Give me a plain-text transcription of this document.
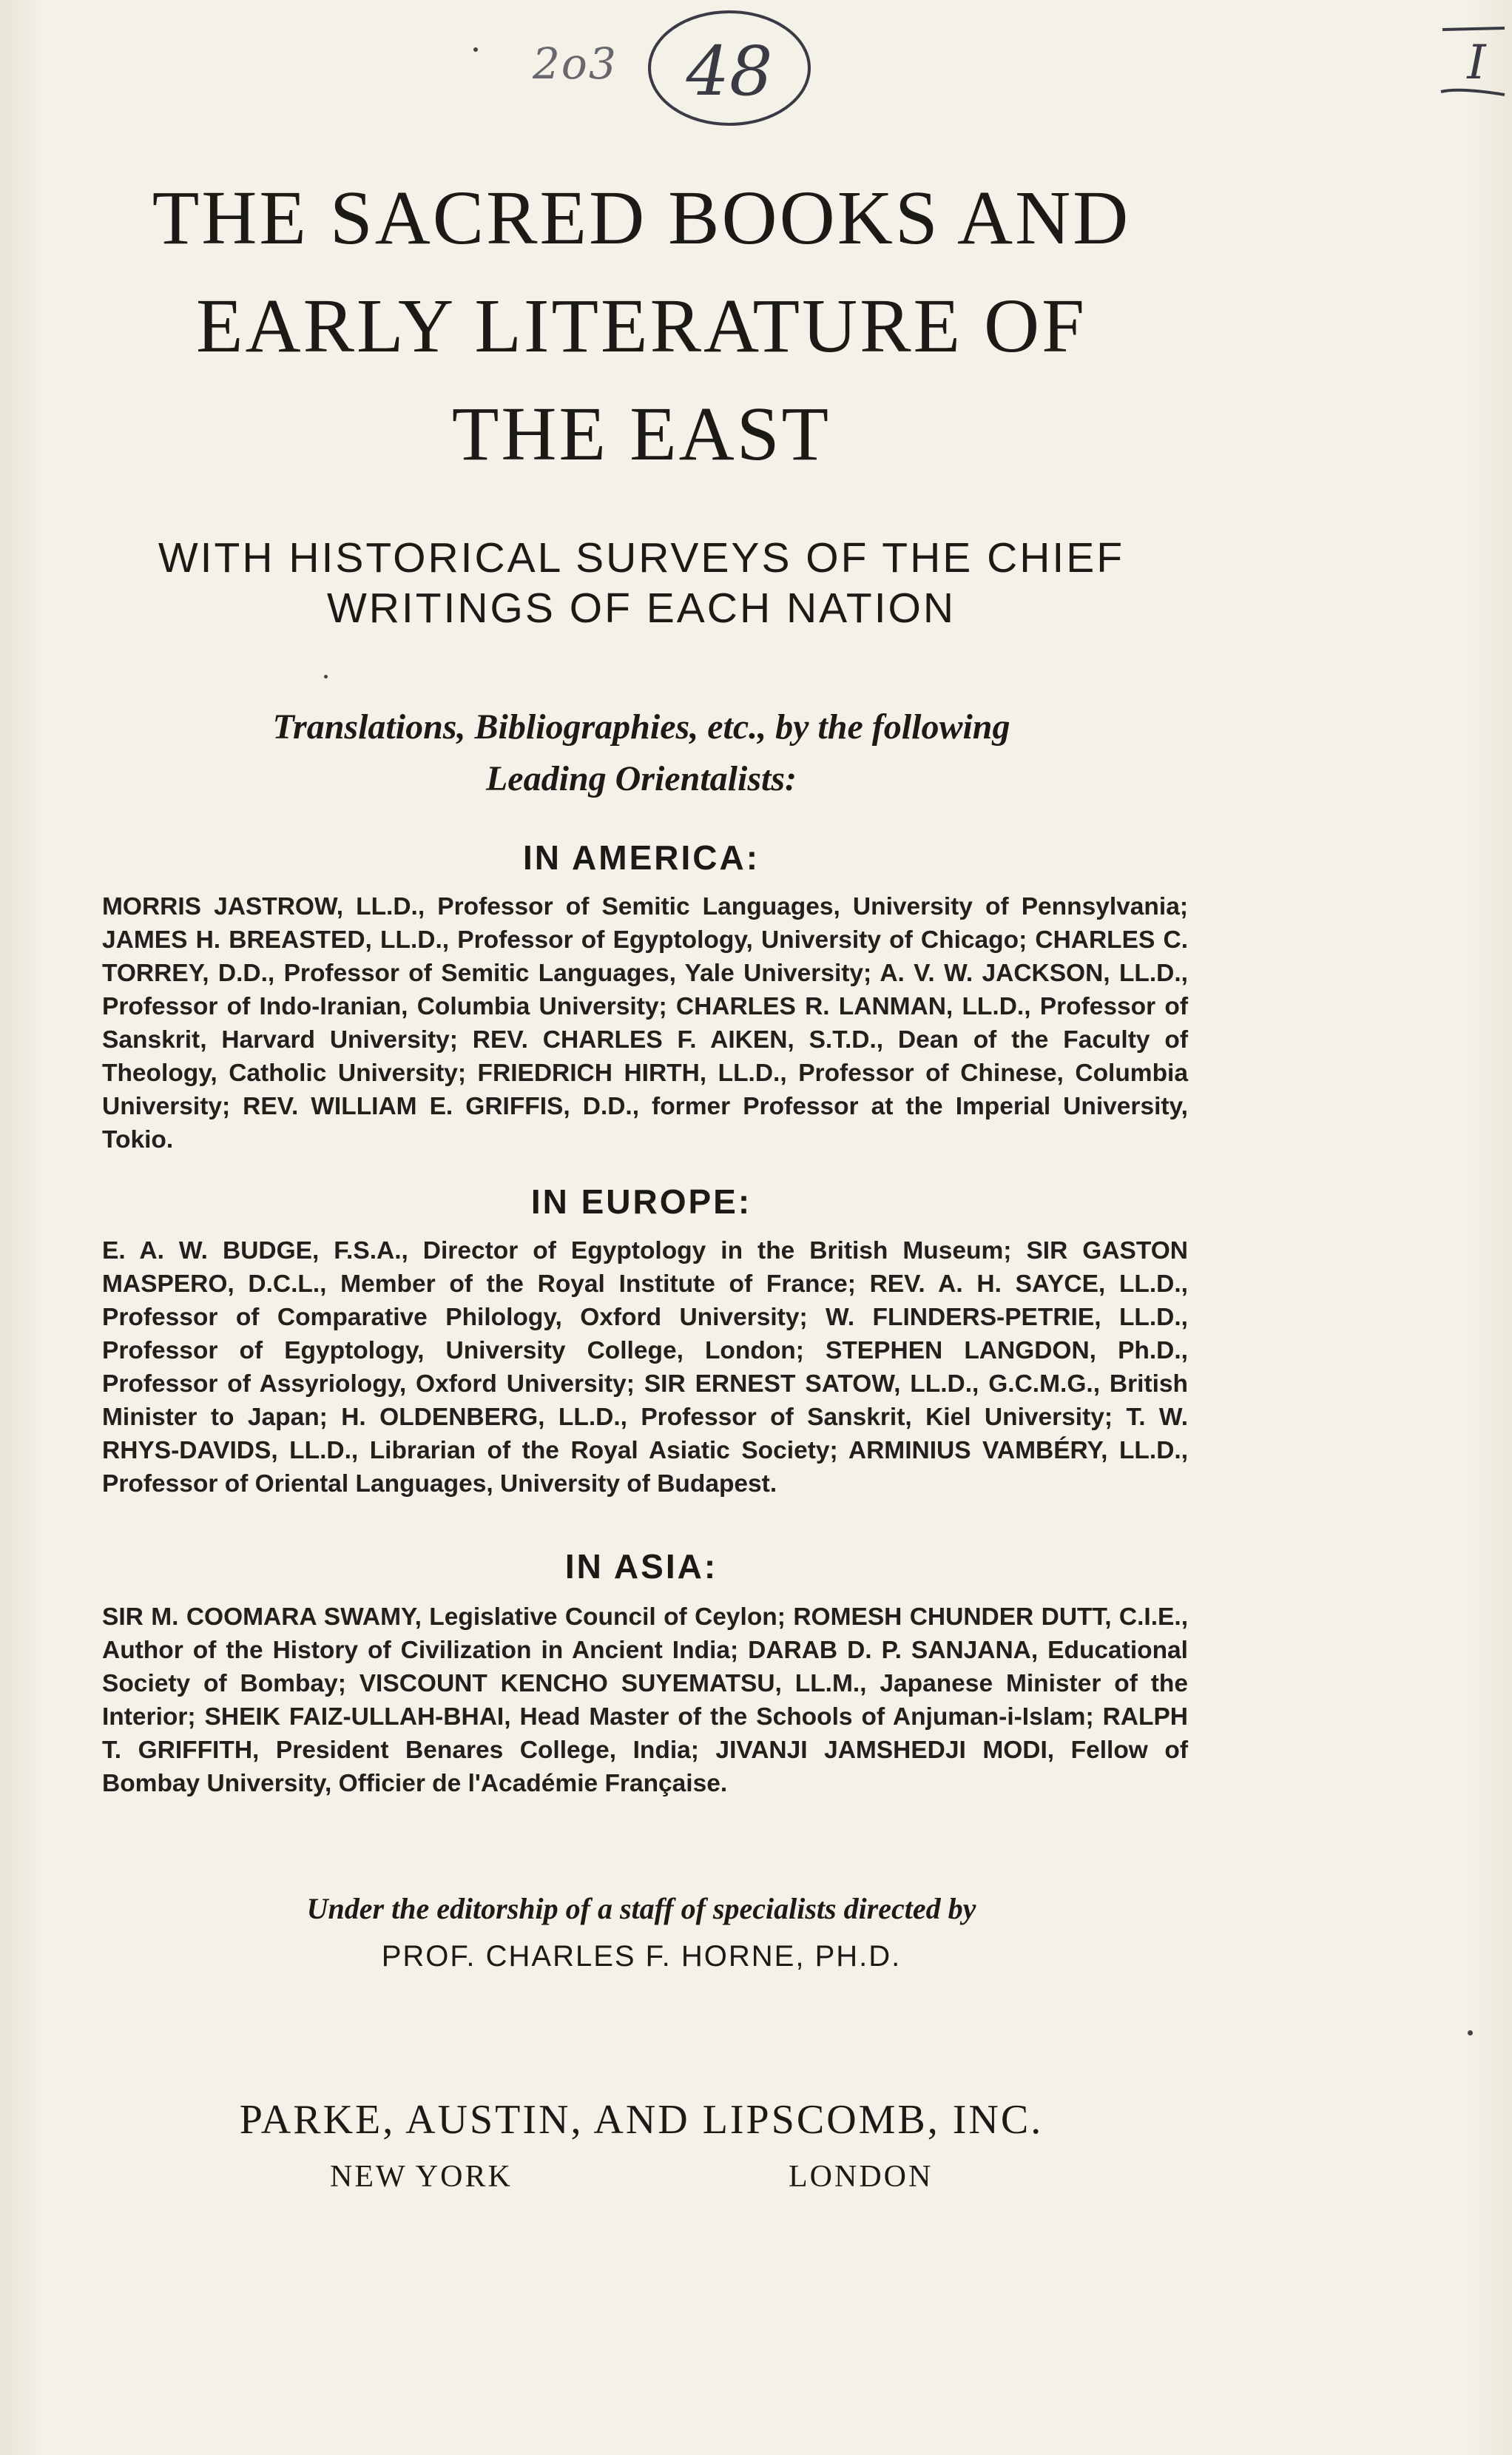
2o3 48	I
THE SACRED BOOKS AND
EARLY LITERATURE OF
THE EAST
WITH HISTORICAL SURVEYS OF THE CHIEF
WRITINGS OF EACH NATION
Translations, Bibliographies, etc., by the following
Leading Orientalists:
IN AMERICA:
MORRIS JASTROW, LL.D., Professor of Semitic Languages, University of Pennsylvania; JAMES H. BREASTED, LL.D., Professor of Egyptology, University of Chicago; CHARLES C. TORREY, D.D., Professor of Semitic Languages, Yale University; A. V. W. JACKSON, LL.D., Professor of Indo-Iranian, Columbia University; CHARLES R. LANMAN, LL.D., Professor of Sanskrit, Harvard University; REV. CHARLES F. AIKEN, S.T.D., Dean of the Faculty of Theology, Catholic University; FRIEDRICH HIRTH, LL.D., Professor of Chinese, Columbia University; REV. WILLIAM E. GRIFFIS, D.D., former Professor at the Imperial University, Tokio.
IN EUROPE:
E. A. W. BUDGE, F.S.A., Director of Egyptology in the British Museum; SIR GASTON MASPERO, D.C.L., Member of the Royal Institute of France; REV. A. H. SAYCE, LL.D., Professor of Comparative Philology, Oxford University; W. FLINDERS-PETRIE, LL.D., Professor of Egyptology, University College, London; STEPHEN LANGDON, Ph.D., Professor of Assyriology, Oxford University; SIR ERNEST SATOW, LL.D., G.C.M.G., British Minister to Japan; H. OLDENBERG, LL.D., Professor of Sanskrit, Kiel University; T. W. RHYS-DAVIDS, LL.D., Librarian of the Royal Asiatic Society; ARMINIUS VAMBÉRY, LL.D., Professor of Oriental Languages, University of Budapest.
IN ASIA:
SIR M. COOMARA SWAMY, Legislative Council of Ceylon; ROMESH CHUNDER DUTT, C.I.E., Author of the History of Civilization in Ancient India; DARAB D. P. SANJANA, Educational Society of Bombay; VISCOUNT KENCHO SUYEMATSU, LL.M., Japanese Minister of the Interior; SHEIK FAIZ-ULLAH-BHAI, Head Master of the Schools of Anjuman-i-Islam; RALPH T. GRIFFITH, President Benares College, India; JIVANJI JAMSHEDJI MODI, Fellow of Bombay University, Officier de l'Académie Française.
Under the editorship of a staff of specialists directed by
PROF. CHARLES F. HORNE, PH.D.
PARKE, AUSTIN, AND LIPSCOMB, INC.
NEW YORK	LONDON
